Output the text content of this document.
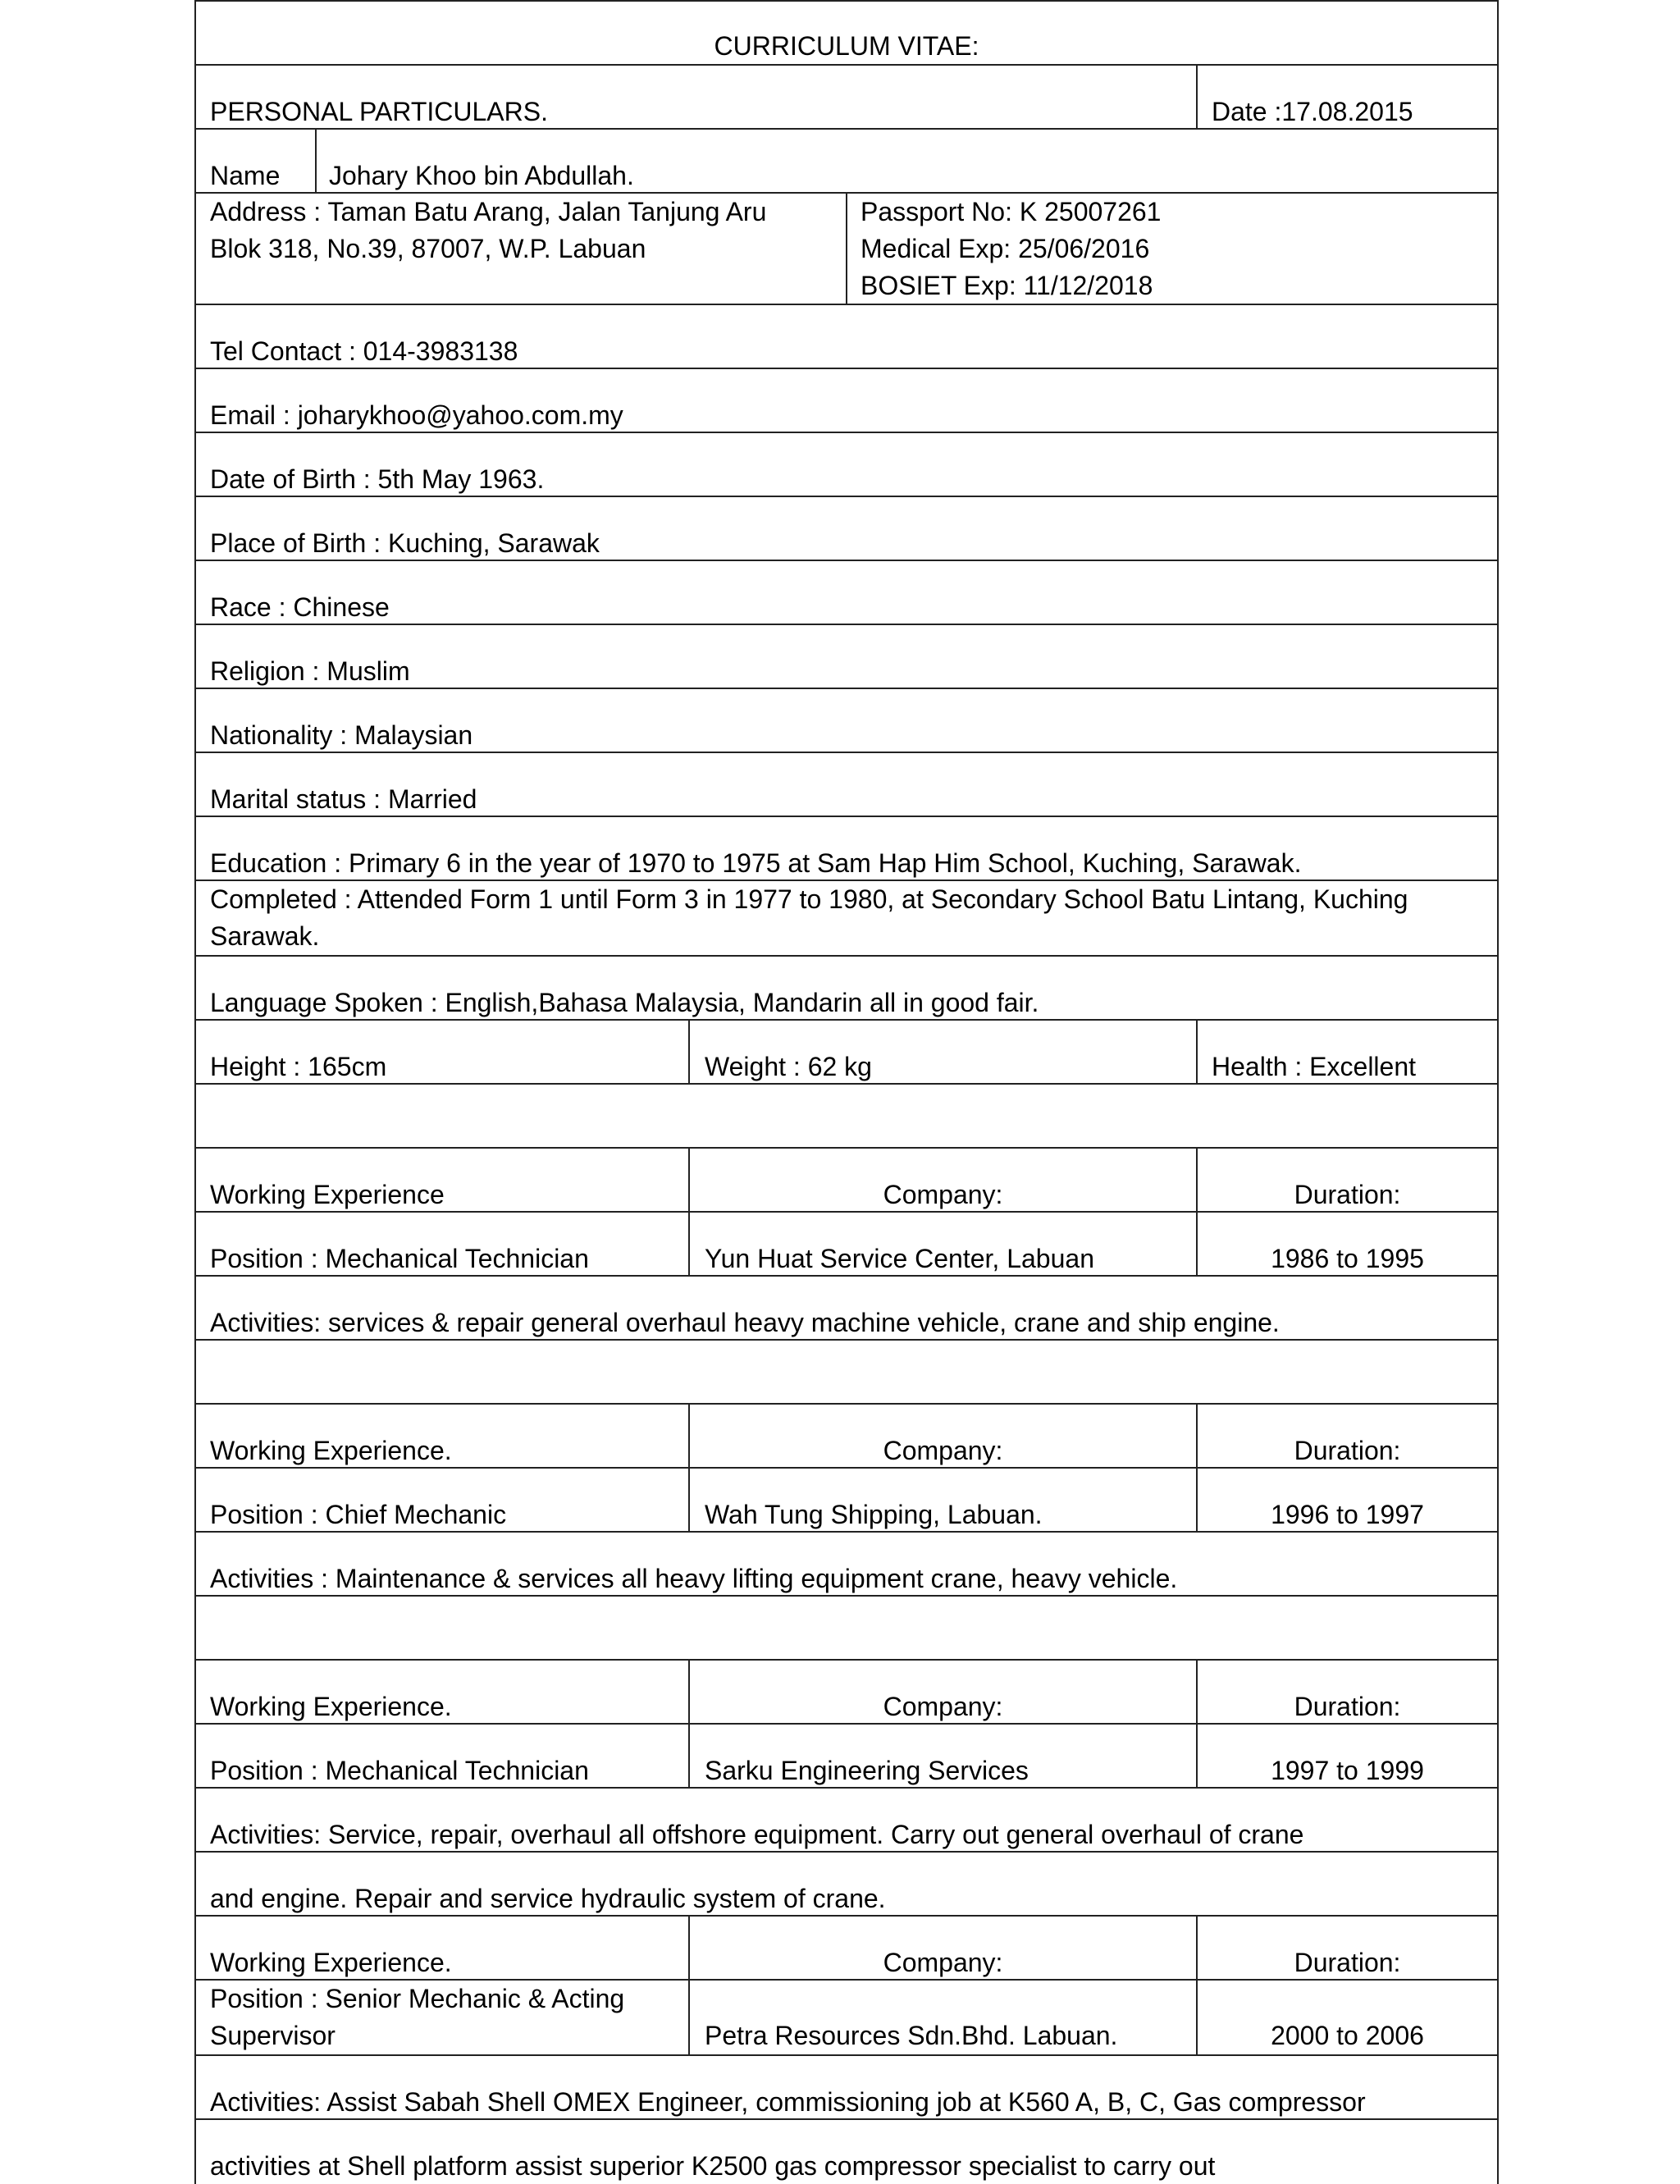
CURRICULUM VITAE:
PERSONAL PARTICULARS.	Date :17.08.2015
Name Johary Khoo bin Abdullah.
Address : Taman Batu Arang, Jalan Tanjung Aru
Blok 318, No.39, 87007, W.P. Labuan
Passport No: K 25007261
Medical Exp: 25/06/2016
BOSIET Exp: 11/12/2018
Tel Contact : 014-3983138
Email : joharykhoo@yahoo.com.my
Date of Birth : 5th May 1963.
Place of Birth : Kuching, Sarawak
Race : Chinese
Religion : Muslim
Nationality : Malaysian
Marital status : Married
Education : Primary 6 in the year of 1970 to 1975 at Sam Hap Him School, Kuching, Sarawak.
Completed : Attended Form 1 until Form 3 in 1977 to 1980, at Secondary School Batu Lintang, Kuching
Sarawak.
Language Spoken : English,Bahasa Malaysia, Mandarin all in good fair.
Height : 165cm	Weight : 62 kg	Health : Excellent
Working Experience	Company:	Duration:
Position : Mechanical Technician	Yun Huat Service Center, Labuan	1986 to 1995
Activities: services & repair general overhaul heavy machine vehicle, crane and ship engine.
Working Experience.	Company:	Duration:
Position : Chief Mechanic	Wah Tung Shipping, Labuan.	1996 to 1997
Activities : Maintenance & services all heavy lifting equipment crane, heavy vehicle.
Working Experience.	Company:	Duration:
Position : Mechanical Technician	Sarku Engineering Services	1997 to 1999
Activities: Service, repair, overhaul all offshore equipment. Carry out general overhaul of crane
and engine. Repair and service hydraulic system of crane.
Working Experience.	Company:	Duration:
Position : Senior Mechanic & Acting
Supervisor	Petra Resources Sdn.Bhd. Labuan.	2000 to 2006
Activities: Assist Sabah Shell OMEX Engineer, commissioning job at K560 A, B, C, Gas compressor
activities at Shell platform assist superior K2500 gas compressor specialist to carry out
